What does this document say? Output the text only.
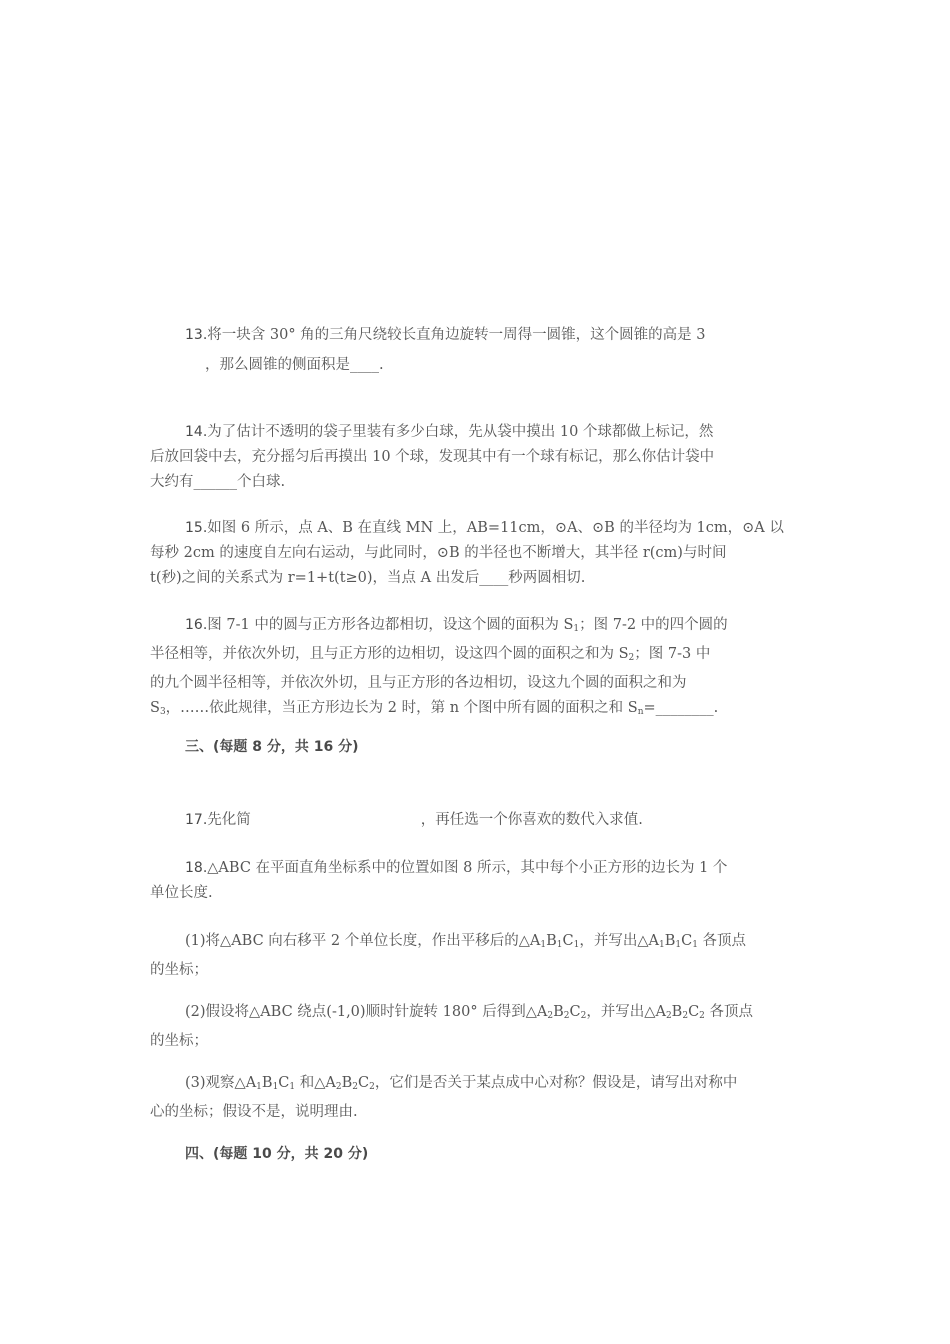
13.将一块含 30° 角的三角尺绕较长直角边旋转一周得一圆锥，这个圆锥的高是 3

，那么圆锥的侧面积是____.

14.为了估计不透明的袋子里装有多少白球，先从袋中摸出 10 个球都做上标记，然

后放回袋中去，充分摇匀后再摸出 10 个球，发现其中有一个球有标记，那么你估计袋中

大约有______个白球.

15.如图 6 所示，点 A、B 在直线 MN 上，AB=11cm，⊙A、⊙B 的半径均为 1cm，⊙A 以

每秒 2cm 的速度自左向右运动，与此同时，⊙B 的半径也不断增大，其半径 r(cm)与时间

t(秒)之间的关系式为 r=1+t(t≥0)，当点 A 出发后____秒两圆相切.

16.图 7-1 中的圆与正方形各边都相切，设这个圆的面积为 $S_1$；图 7-2 中的四个圆的

半径相等，并依次外切，且与正方形的边相切，设这四个圆的面积之和为 $S_2$；图 7-3 中

的九个圆半径相等，并依次外切，且与正方形的各边相切，设这九个圆的面积之和为

$S_3$，……依此规律，当正方形边长为 2 时，第 n 个图中所有圆的面积之和 $S_n=\_\_\_\_\_\_\_\_$.

三、(每题 8 分，共 16 分)

17.先化简	，再任选一个你喜欢的数代入求值.

18.△ABC 在平面直角坐标系中的位置如图 8 所示，其中每个小正方形的边长为 1 个

单位长度.

(1)将△ABC 向右移平 2 个单位长度，作出平移后的$\triangle A_1B_1C_1$，并写出$\triangle A_1B_1C_1$ 各顶点

的坐标；

(2)假设将△ABC 绕点(-1,0)顺时针旋转 180° 后得到$\triangle A_2B_2C_2$，并写出$\triangle A_2B_2C_2$ 各顶点

的坐标；

(3)观察$\triangle A_1B_1C_1$ 和$\triangle A_2B_2C_2$，它们是否关于某点成中心对称？假设是，请写出对称中

心的坐标；假设不是，说明理由.

四、(每题 10 分，共 20 分)
